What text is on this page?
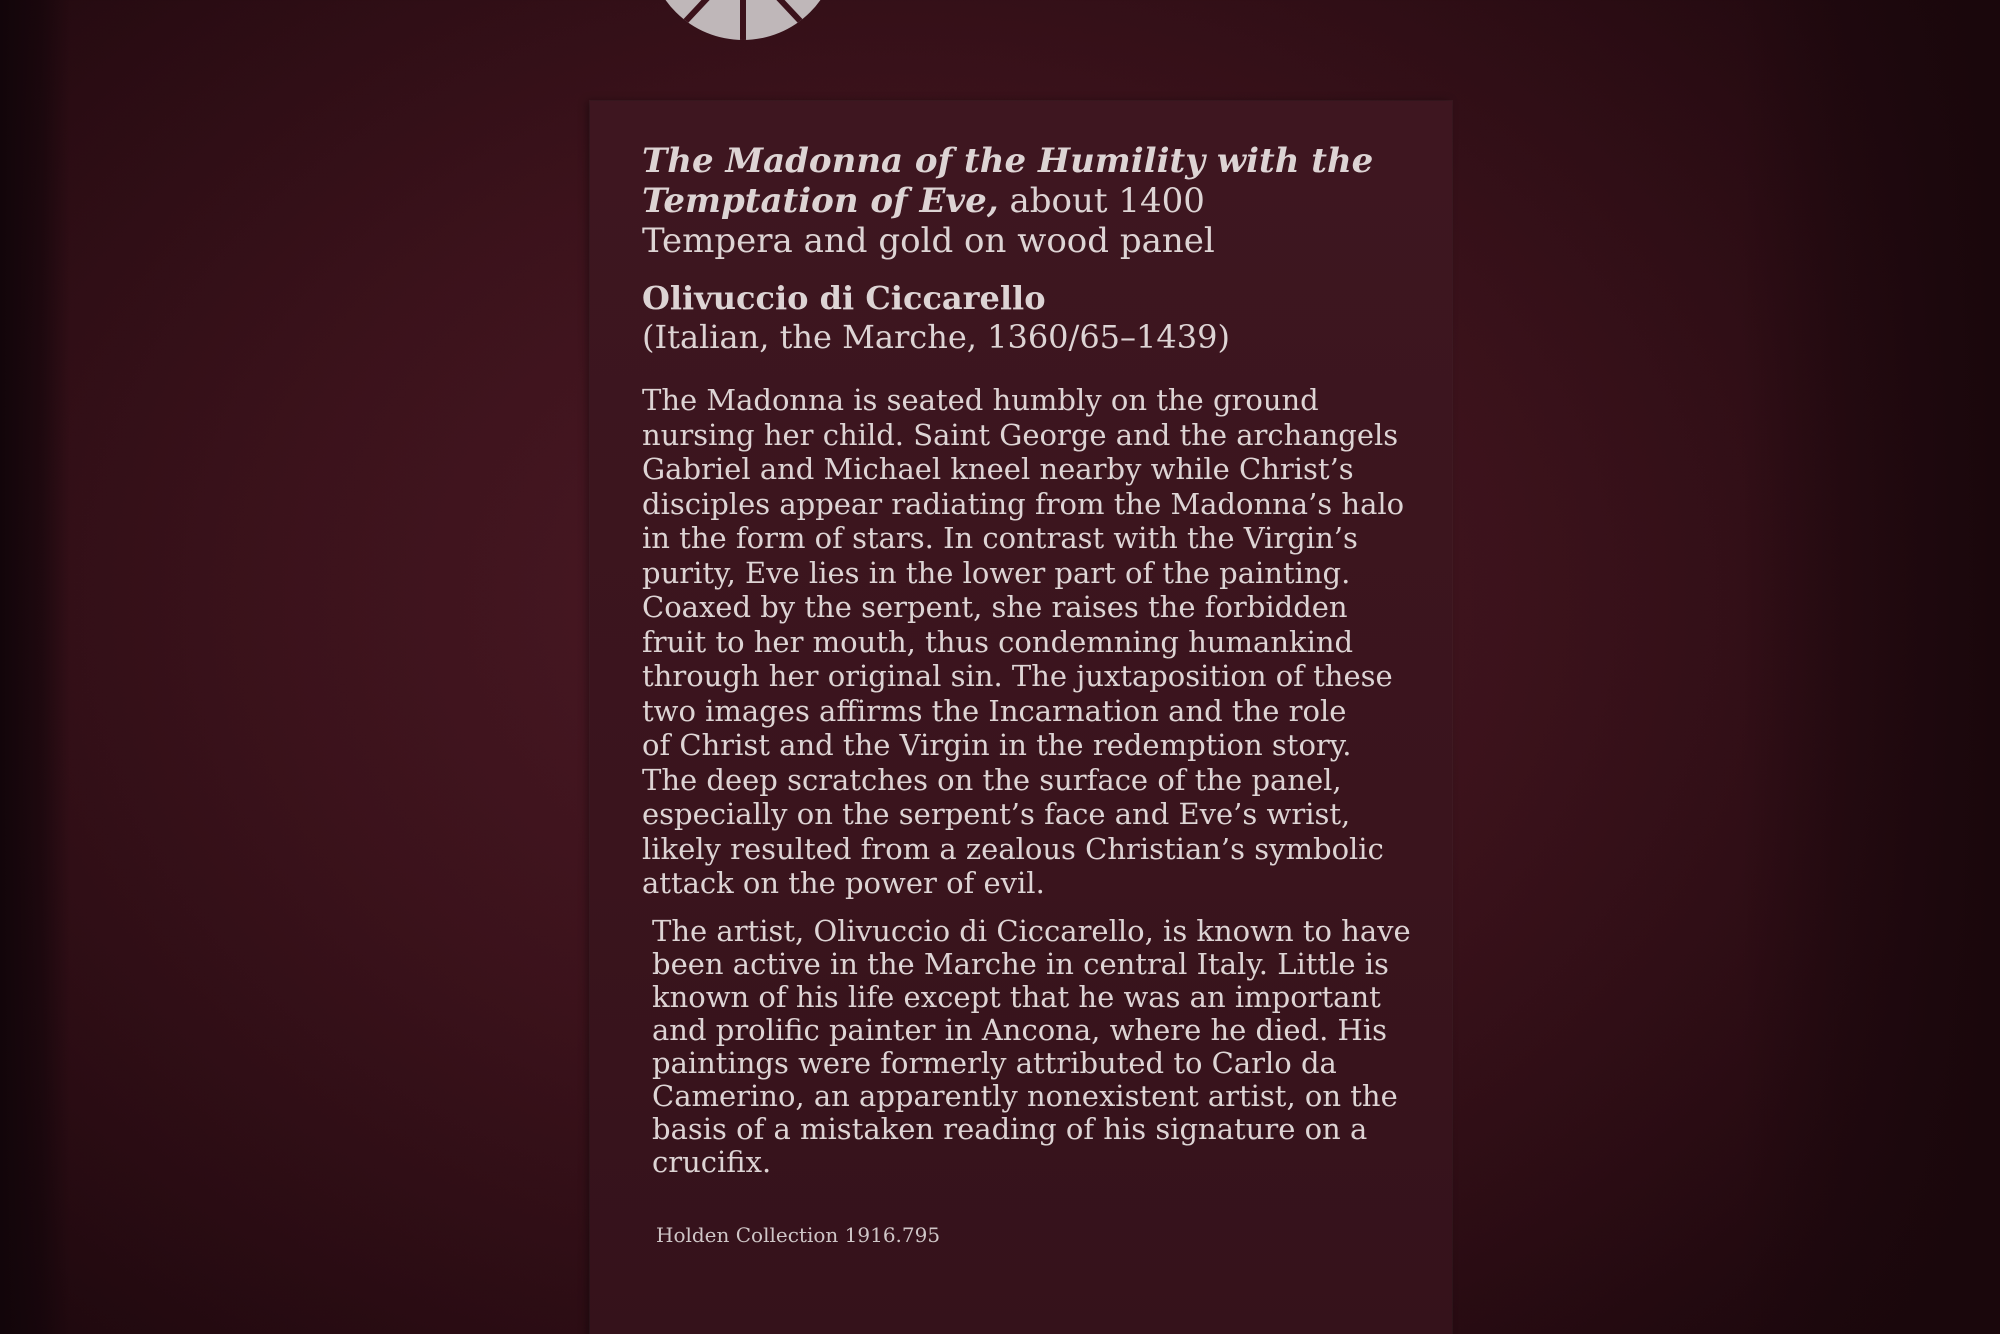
The Madonna of the Humility with the Temptation of Eve, about 1400

Tempera and gold on wood panel

Olivuccio di Ciccarello

(Italian, the Marche, 1360/65–1439)

The Madonna is seated humbly on the ground
nursing her child. Saint George and the archangels
Gabriel and Michael kneel nearby while Christ’s
disciples appear radiating from the Madonna’s halo
in the form of stars. In contrast with the Virgin’s
purity, Eve lies in the lower part of the painting.
Coaxed by the serpent, she raises the forbidden
fruit to her mouth, thus condemning humankind
through her original sin. The juxtaposition of these
two images affirms the Incarnation and the role
of Christ and the Virgin in the redemption story.
The deep scratches on the surface of the panel,
especially on the serpent’s face and Eve’s wrist,
likely resulted from a zealous Christian’s symbolic
attack on the power of evil.

The artist, Olivuccio di Ciccarello, is known to have
been active in the Marche in central Italy. Little is
known of his life except that he was an important
and prolific painter in Ancona, where he died. His
paintings were formerly attributed to Carlo da
Camerino, an apparently nonexistent artist, on the
basis of a mistaken reading of his signature on a
crucifix.

Holden Collection 1916.795
